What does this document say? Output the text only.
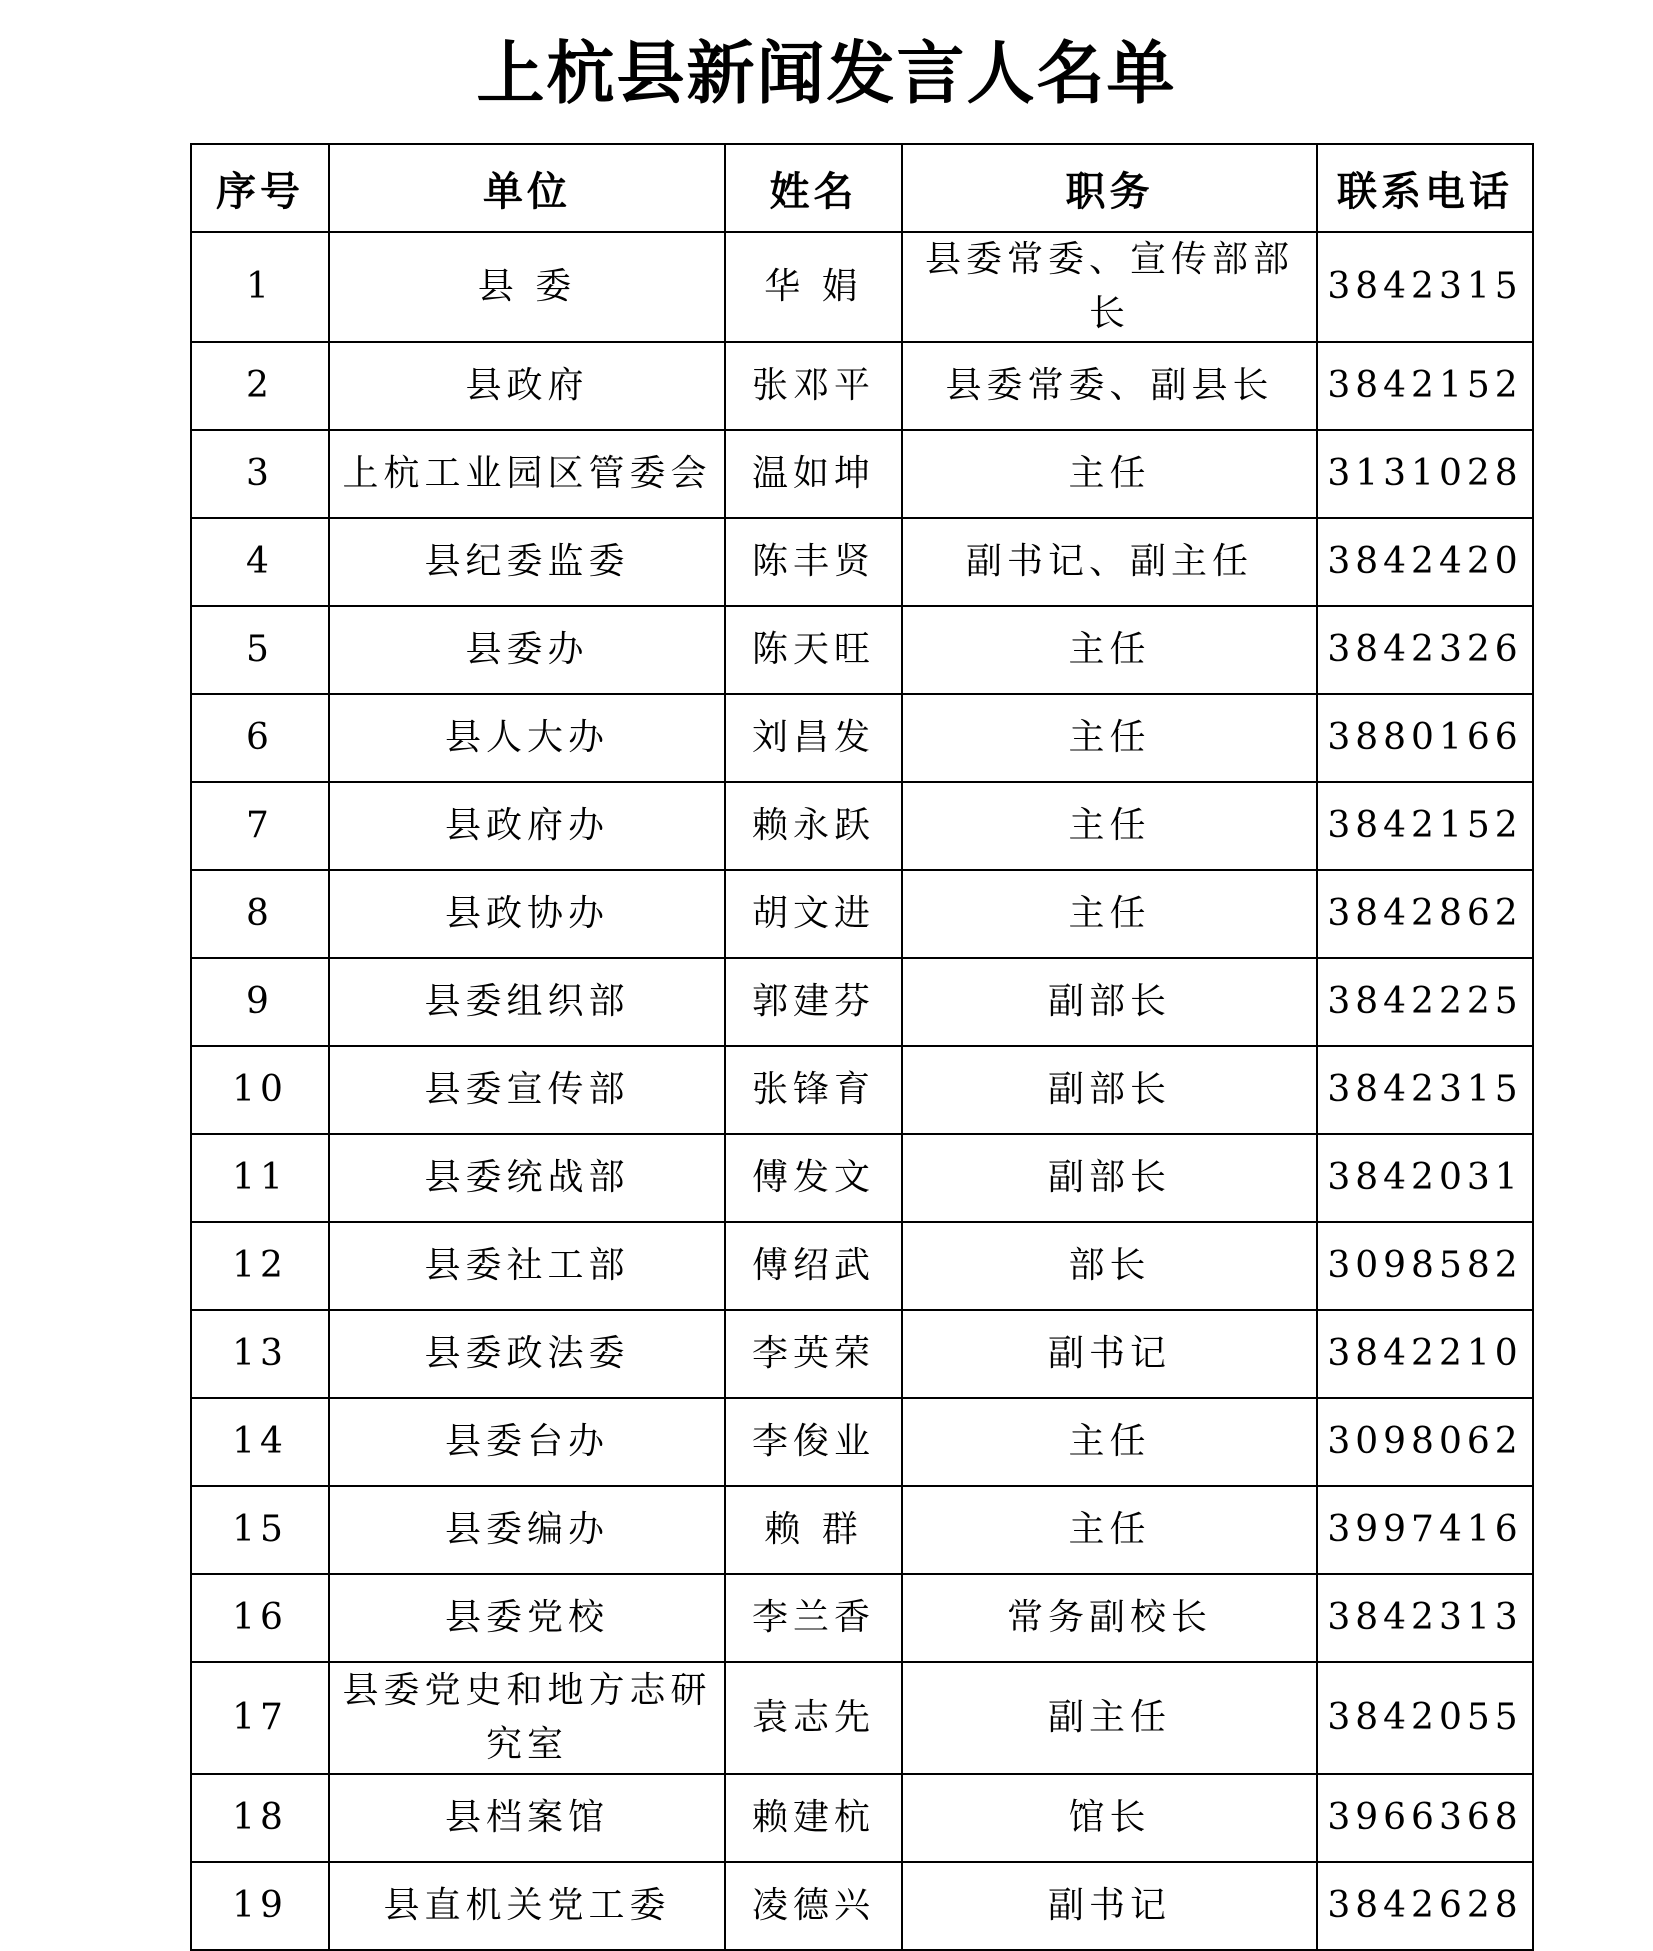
上杭县新闻发言人名单
序号	单位	姓名	职务	联系电话
1	县 委	华 娟	县委常委、宣传部部长	3842315
2	县政府	张邓平	县委常委、副县长	3842152
3	上杭工业园区管委会	温如坤	主任	3131028
4	县纪委监委	陈丰贤	副书记、副主任	3842420
5	县委办	陈天旺	主任	3842326
6	县人大办	刘昌发	主任	3880166
7	县政府办	赖永跃	主任	3842152
8	县政协办	胡文进	主任	3842862
9	县委组织部	郭建芬	副部长	3842225
10	县委宣传部	张锋育	副部长	3842315
11	县委统战部	傅发文	副部长	3842031
12	县委社工部	傅绍武	部长	3098582
13	县委政法委	李英荣	副书记	3842210
14	县委台办	李俊业	主任	3098062
15	县委编办	赖 群	主任	3997416
16	县委党校	李兰香	常务副校长	3842313
17	县委党史和地方志研究室	袁志先	副主任	3842055
18	县档案馆	赖建杭	馆长	3966368
19	县直机关党工委	凌德兴	副书记	3842628
